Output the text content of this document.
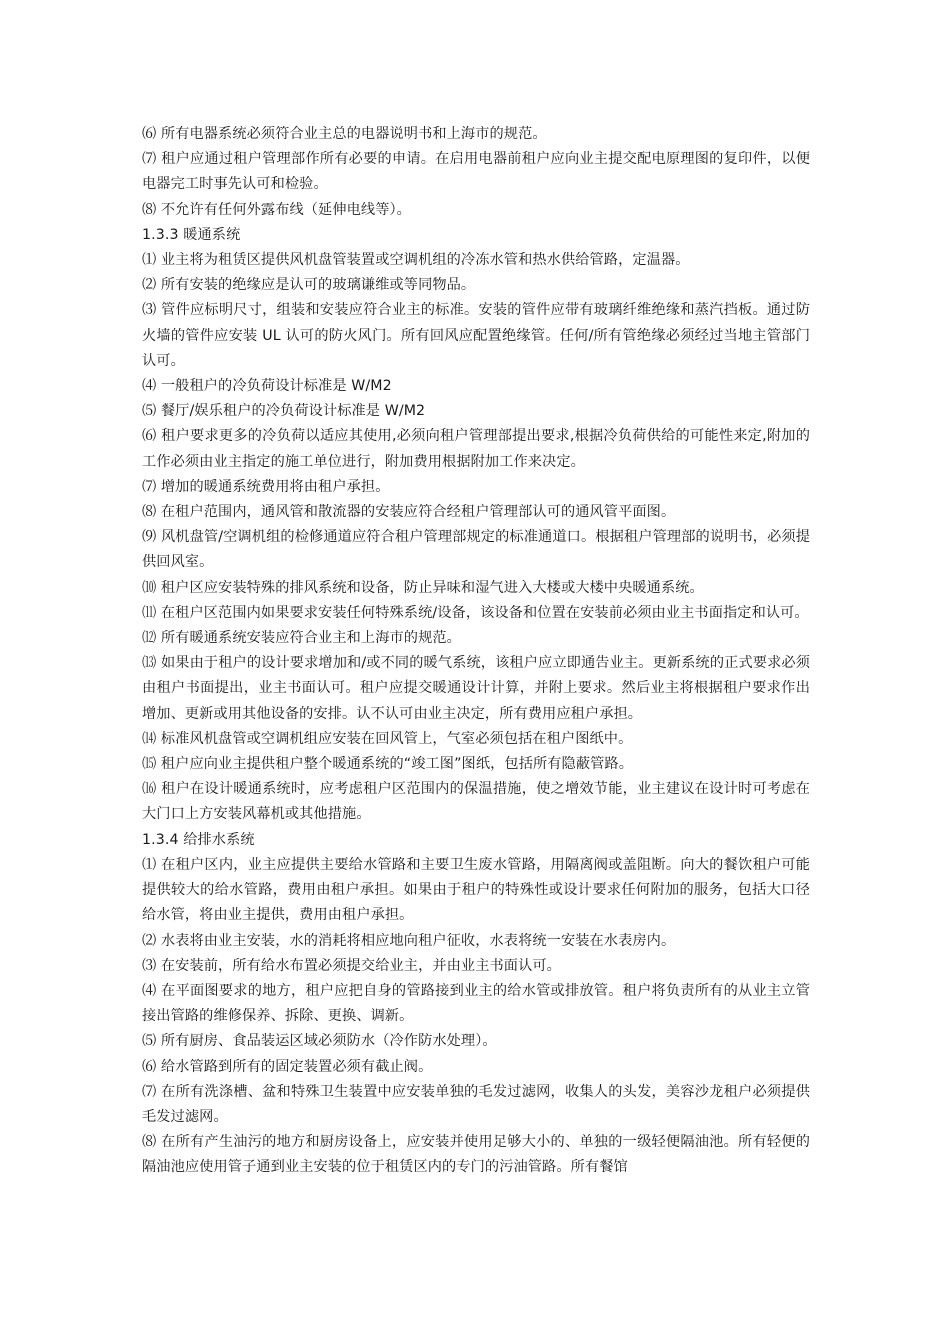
⑹ 所有电器系统必须符合业主总的电器说明书和上海市的规范。

⑺ 租户应通过租户管理部作所有必要的申请。在启用电器前租户应向业主提交配电原理图的复印件，以便电器完工时事先认可和检验。

⑻ 不允许有任何外露布线（延伸电线等）。

1.3.3 暖通系统

⑴ 业主将为租赁区提供风机盘管装置或空调机组的冷冻水管和热水供给管路，定温器。

⑵ 所有安装的绝缘应是认可的玻璃谦维或等同物品。

⑶ 管件应标明尺寸，组装和安装应符合业主的标准。安装的管件应带有玻璃纤维绝缘和蒸汽挡板。通过防火墙的管件应安装 UL 认可的防火风门。所有回风应配置绝缘管。任何/所有管绝缘必须经过当地主管部门认可。

⑷ 一般租户的冷负荷设计标准是 W/M2

⑸ 餐厅/娱乐租户的冷负荷设计标准是 W/M2

⑹ 租户要求更多的冷负荷以适应其使用,必须向租户管理部提出要求,根据冷负荷供给的可能性来定,附加的工作必须由业主指定的施工单位进行，附加费用根据附加工作来决定。

⑺ 增加的暖通系统费用将由租户承担。

⑻ 在租户范围内，通风管和散流器的安装应符合经租户管理部认可的通风管平面图。

⑼ 风机盘管/空调机组的检修通道应符合租户管理部规定的标准通道口。根据租户管理部的说明书，必须提供回风室。

⑽ 租户区应安装特殊的排风系统和设备，防止异味和湿气进入大楼或大楼中央暖通系统。

⑾ 在租户区范围内如果要求安装任何特殊系统/设备，该设备和位置在安装前必须由业主书面指定和认可。

⑿ 所有暖通系统安装应符合业主和上海市的规范。

⒀ 如果由于租户的设计要求增加和/或不同的暖气系统，该租户应立即通告业主。更新系统的正式要求必须由租户书面提出，业主书面认可。租户应提交暖通设计计算，并附上要求。然后业主将根据租户要求作出增加、更新或用其他设备的安排。认不认可由业主决定，所有费用应租户承担。

⒁ 标准风机盘管或空调机组应安装在回风管上，气室必须包括在租户图纸中。

⒂ 租户应向业主提供租户整个暖通系统的“竣工图”图纸，包括所有隐蔽管路。

⒃ 租户在设计暖通系统时，应考虑租户区范围内的保温措施，使之增效节能，业主建议在设计时可考虑在大门口上方安装风幕机或其他措施。

1.3.4 给排水系统

⑴ 在租户区内，业主应提供主要给水管路和主要卫生废水管路，用隔离阀或盖阻断。向大的餐饮租户可能提供较大的给水管路，费用由租户承担。如果由于租户的特殊性或设计要求任何附加的服务，包括大口径给水管，将由业主提供，费用由租户承担。

⑵ 水表将由业主安装，水的消耗将相应地向租户征收，水表将统一安装在水表房内。

⑶ 在安装前，所有给水布置必须提交给业主，并由业主书面认可。

⑷ 在平面图要求的地方，租户应把自身的管路接到业主的给水管或排放管。租户将负责所有的从业主立管接出管路的维修保养、拆除、更换、调新。

⑸ 所有厨房、食品装运区域必须防水（冷作防水处理）。

⑹ 给水管路到所有的固定装置必须有截止阀。

⑺ 在所有洗涤槽、盆和特殊卫生装置中应安装单独的毛发过滤网，收集人的头发，美容沙龙租户必须提供毛发过滤网。

⑻ 在所有产生油污的地方和厨房设备上，应安装并使用足够大小的、单独的一级轻便隔油池。所有轻便的隔油池应使用管子通到业主安装的位于租赁区内的专门的污油管路。所有餐馆
